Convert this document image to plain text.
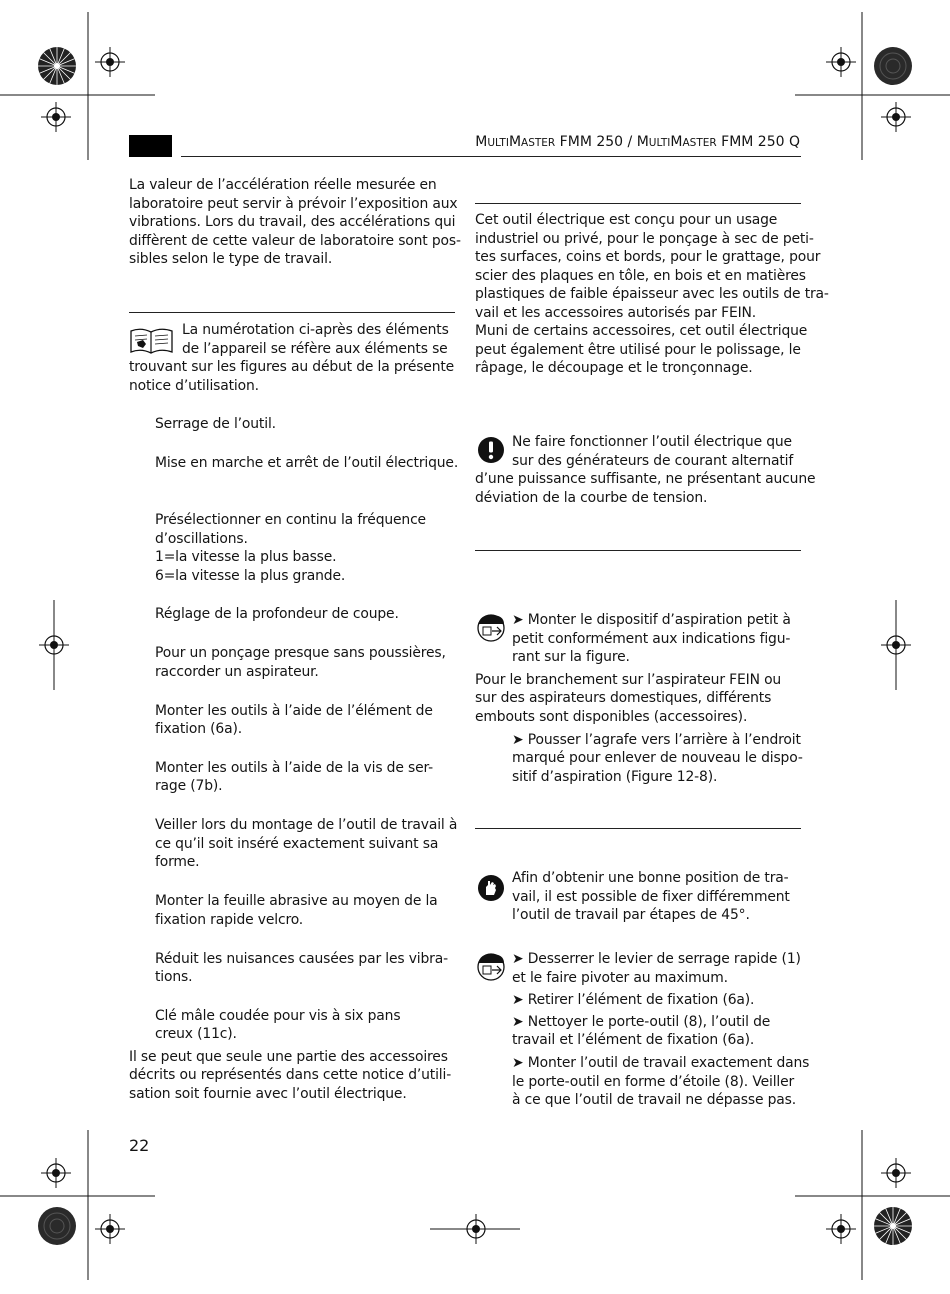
MULTIMASTER FMM 250 / MULTIMASTER FMM 250 Q
La valeur de l’accélération réelle mesurée en
laboratoire peut servir à prévoir l’exposition aux
vibrations. Lors du travail, des accélérations qui
diffèrent de cette valeur de laboratoire sont pos-
sibles selon le type de travail.
La numérotation ci-après des éléments
de l’appareil se réfère aux éléments se
trouvant sur les figures au début de la présente
notice d’utilisation.
Serrage de l’outil.
Mise en marche et arrêt de l’outil électrique.
Présélectionner en continu la fréquence
d’oscillations.
1=la vitesse la plus basse.
6=la vitesse la plus grande.
Réglage de la profondeur de coupe.
Pour un ponçage presque sans poussières,
raccorder un aspirateur.
Monter les outils à l’aide de l’élément de
fixation (6a).
Monter les outils à l’aide de la vis de ser-
rage (7b).
Veiller lors du montage de l’outil de travail à
ce qu’il soit inséré exactement suivant sa
forme.
Monter la feuille abrasive au moyen de la
fixation rapide velcro.
Réduit les nuisances causées par les vibra-
tions.
Clé mâle coudée pour vis à six pans
creux (11c).
Il se peut que seule une partie des accessoires
décrits ou représentés dans cette notice d’utili-
sation soit fournie avec l’outil électrique.
22
Cet outil électrique est conçu pour un usage
industriel ou privé, pour le ponçage à sec de peti-
tes surfaces, coins et bords, pour le grattage, pour
scier des plaques en tôle, en bois et en matières
plastiques de faible épaisseur avec les outils de tra-
vail et les accessoires autorisés par FEIN.
Muni de certains accessoires, cet outil électrique
peut également être utilisé pour le polissage, le
râpage, le découpage et le tronçonnage.
Ne faire fonctionner l’outil électrique que
sur des générateurs de courant alternatif
d’une puissance suffisante, ne présentant aucune
déviation de la courbe de tension.
➤ Monter le dispositif d’aspiration petit à
petit conformément aux indications figu-
rant sur la figure.
Pour le branchement sur l’aspirateur FEIN ou
sur des aspirateurs domestiques, différents
embouts sont disponibles (accessoires).
➤ Pousser l’agrafe vers l’arrière à l’endroit
marqué pour enlever de nouveau le dispo-
sitif d’aspiration (Figure 12-8).
Afin d’obtenir une bonne position de tra-
vail, il est possible de fixer différemment
l’outil de travail par étapes de 45°.
➤ Desserrer le levier de serrage rapide (1)
et le faire pivoter au maximum.
➤ Retirer l’élément de fixation (6a).
➤ Nettoyer le porte-outil (8), l’outil de
travail et l’élément de fixation (6a).
➤ Monter l’outil de travail exactement dans
le porte-outil en forme d’étoile (8). Veiller
à ce que l’outil de travail ne dépasse pas.
